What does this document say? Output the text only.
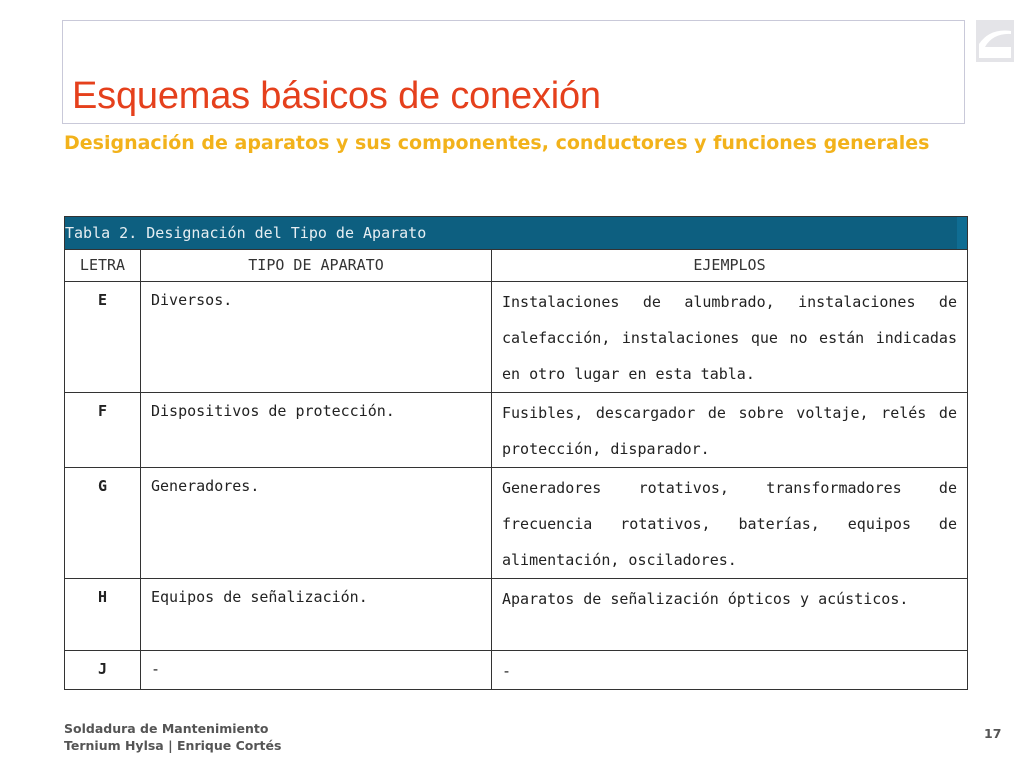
Esquemas básicos de conexión
Designación de aparatos y sus componentes, conductores y funciones generales
Tabla 2. Designación del Tipo de Aparato		

LETRA	TIPO DE APARATO	EJEMPLOS
E	Diversos.	Instalaciones de alumbrado, instalaciones de calefacción, instalaciones que no están indicadas en otro lugar en esta tabla.
F	Dispositivos de protección.	Fusibles, descargador de sobre voltaje, relés de protección, disparador.
G	Generadores.	Generadores rotativos, transformadores de frecuencia rotativos, baterías, equipos de alimentación, osciladores.
H	Equipos de señalización.	Aparatos de señalización ópticos y acústicos.
J	-	-
Soldadura de Mantenimiento
Ternium Hylsa | Enrique Cortés
17
